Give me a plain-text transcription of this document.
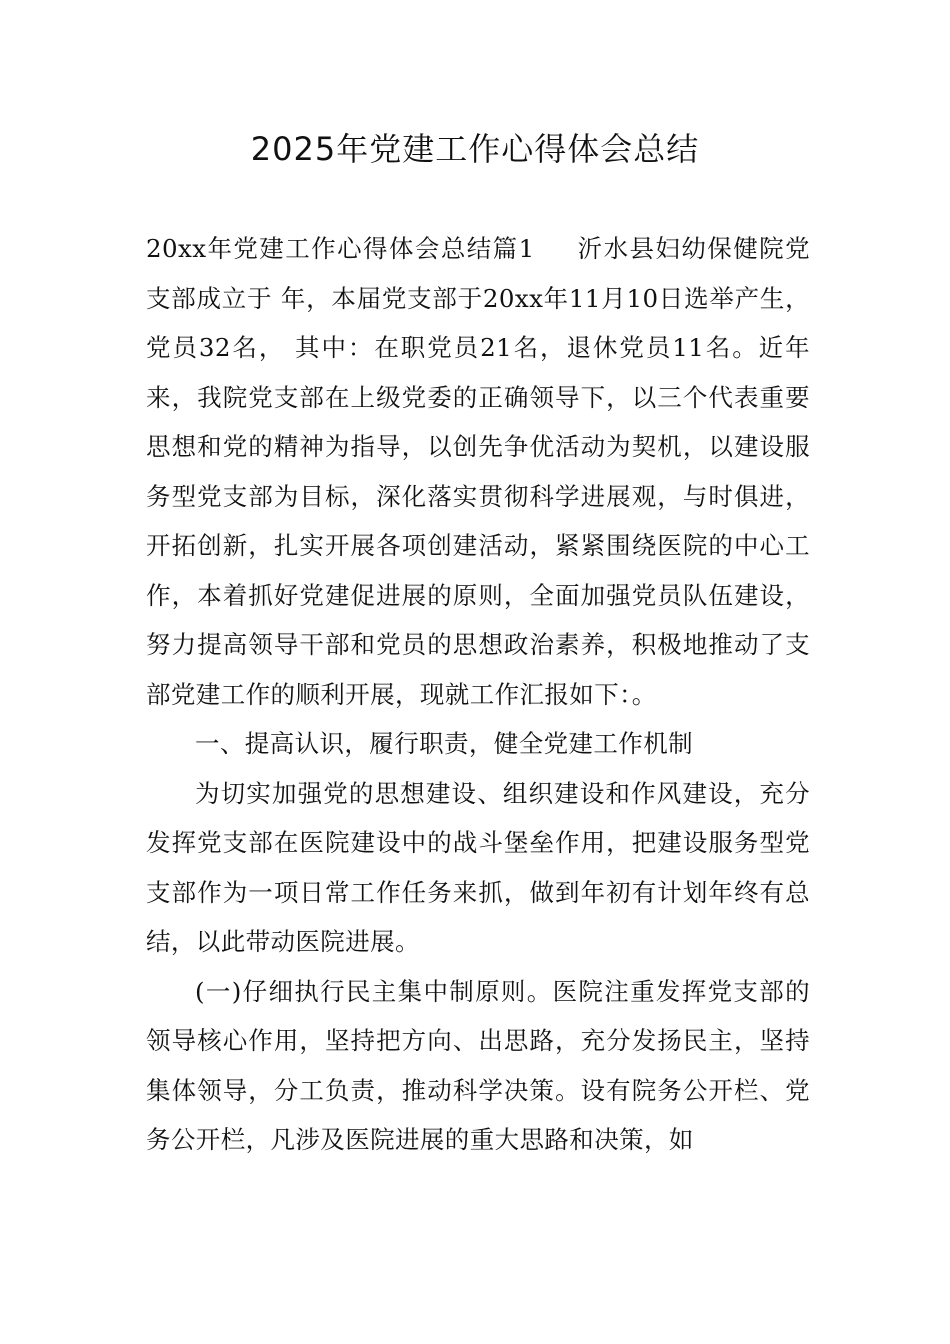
2025年党建工作心得体会总结

20xx年党建工作心得体会总结篇1 沂水县妇幼保健院党支部成立于 年，本届党支部于20xx年11月10日选举产生，党员32名， 其中：在职党员21名，退休党员11名。近年来，我院党支部在上级党委的正确领导下，以三个代表重要思想和党的精神为指导，以创先争优活动为契机，以建设服务型党支部为目标，深化落实贯彻科学进展观，与时俱进，开拓创新，扎实开展各项创建活动，紧紧围绕医院的中心工作，本着抓好党建促进展的原则，全面加强党员队伍建设，努力提高领导干部和党员的思想政治素养，积极地推动了支部党建工作的顺利开展，现就工作汇报如下：。

一、提高认识，履行职责，健全党建工作机制

为切实加强党的思想建设、组织建设和作风建设，充分发挥党支部在医院建设中的战斗堡垒作用，把建设服务型党支部作为一项日常工作任务来抓，做到年初有计划年终有总结，以此带动医院进展。

(一)仔细执行民主集中制原则。医院注重发挥党支部的领导核心作用，坚持把方向、出思路，充分发扬民主，坚持集体领导，分工负责，推动科学决策。设有院务公开栏、党务公开栏，凡涉及医院进展的重大思路和决策，如
